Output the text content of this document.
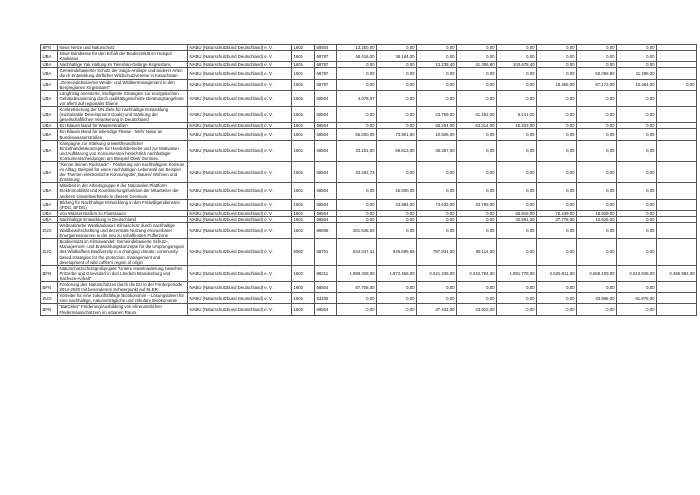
BFN	Neue Netze und Naturschutz	NABU (Naturschutzbund Deutschland) e. V.	1602	68504	13.250,00	0,00	0,00	0,00	0,00	0,00	0,00	0,00	
UBA	Neue Bündnisse für den Erhalt der Biodiversität im Hotspot Kaukasus	NABU (Naturschutzbund Deutschland) e. V.	1601	68787	48.416,00	38.164,00	0,00	0,00	0,00	0,00	0,00	0,00	
UBA	Nachhaltige Yak Haltung im Tienshan-Gebirge Kirgisistans	NABU (Naturschutzbund Deutschland) e. V.	1601	68787	0,00	0,00	13.238,40	41.356,80	100.678,40	0,00	0,00	0,00	
UBA	Gemeindebasierter Schutz der Saiga-Antilope und anderer Arten durch Entwicklung dörflicher Wildschutzvereine in Kasachstan	NABU (Naturschutzbund Deutschland) e. V.	1601	68787	0,00	0,00	0,00	0,00	0,00	0,00	50.096,80	11.285,20	
UBA	„Gemeindebasiertes Weide- und Wildtiermanagement in den Bergregionen Kirgisistans“	NABU (Naturschutzbund Deutschland) e. V.	1601	68787	0,00	0,00	0,00	0,00	0,00	18.466,00	67.172,00	10.464,00	0,00
UBA	Langfristig orientierte, intelligente Strategien zur energetischen Gebäudesanierung durch qualitätsgesicherte Beratungsangebote vor allem auf regionaler Ebene	NABU (Naturschutzbund Deutschland) e. V.	1601	68504	4.078,07	0,00	0,00	0,00	0,00	0,00	0,00	0,00	
UBA	Konkretisierung der UN Ziele für nachhaltige Entwicklung (Sustainable Development Goals) und Stärkung der gesellschaftlichen Verankerung in Deutschland	NABU (Naturschutzbund Deutschland) e. V.	1601	68504	0,00	0,00	23.759,00	41.182,00	6.141,00	0,00	0,00	0,00	
UBA	Ein Blaues Band für Wasserstraßen	NABU (Naturschutzbund Deutschland) e. V.	1601	68504	0,00	0,00	55.254,00	64.214,00	15.203,00	0,00	0,00	0,00	
UBA	Ein Blaues Band für lebendige Flüsse - Mehr Natur an Bundeswasserstraßen	NABU (Naturschutzbund Deutschland) e. V.	1601	68504	55.000,00	73.901,00	10.506,00	0,00	0,00	0,00	0,00	0,00	
UBA	Kampagne zur Stärkung umweltfreundlicher Einzelhandelskonzepte für Handelsbetriebe und zur Motivation und Aufklärung von Konsumenten hinsichtlich nachhaltiger Konsumentscheidungen am Beispiel Obst/ Gemüse.	NABU (Naturschutzbund Deutschland) e. V.	1601	68504	33.101,00	69.813,00	36.367,00	0,00	0,00	0,00	0,00	0,00	
UBA	"Kenne deinen Rucksack" - Förderung von nachhaltigem Konsum im Alltag: Beispiel für einen nachhaltigen Lebensstil am Beispiel der Themen elektronische Konsumgüter, Bauen/ Wohnen und Ernährung	NABU (Naturschutzbund Deutschland) e. V.	1601	68504	33.282,73	0,00	0,00	0,00	0,00	0,00	0,00	0,00	
UBA	Mitarbeit in der Arbeitsgruppe 6 der Nationalen Plattform Elektromobilität und Koordinierungsfunktion der Mitarbeiter der anderen Umweltverbände in diesem Gremium	NABU (Naturschutzbund Deutschland) e. V.	1601	68504	0,00	15.000,00	0,00	0,00	0,00	0,00	0,00	0,00	
UBA	Bildung für Nachhaltige Entwicklung in den Freiwilligendiensten (iFDG, BFDG)	NABU (Naturschutzbund Deutschland) e. V.	1601	68504	0,00	43.884,00	74.632,00	33.789,00	0,00	0,00	0,00	0,00	
UBA	Von Wasserstraßen zu Flusssauen	NABU (Naturschutzbund Deutschland) e. V.	1601	68504	0,00	0,00	0,00	0,00	55.615,00	75.439,00	18.929,00	0,00	
UBA	Nachhaltige Entwicklung in Deutschland	NABU (Naturschutzbund Deutschland) e. V.	1601	68504	0,00	0,00	0,00	0,00	32.591,00	37.778,00	10.626,00	0,00	
ZUG	Weltnaturerbe Westkaukasus Klimaschutz durch nachhaltige Waldbewirtschaftung und dezentrale Nutzung erneuerbarer Energieressourcen in der neu zu schaffenden Pufferzone	NABU (Naturschutzbund Deutschland) e. V.	1602	89605	301.645,20	0,00	0,00	0,00	0,00	0,00	0,00	0,00	
ZUG	Biodiversität im Klimawandel: Gemeindebasierte Schutz-, Management- und Entwicklungskonzepte für die Ursprungsregion des Wildkaffees Biodiversity in a changing climate: community-based strategies for the protection, management and development of wild coffee's region of origin	NABU (Naturschutzbund Deutschland) e. V.	6092	68701	534.347,41	945.699,59	787.834,00	96.114,00	0,00	0,00	0,00	0,00	
BFN	Naturschutzschutzgroßprojekt "Untere Havelniederung zwischen Pritzerbe und Gnevsdorf in den Ländern Brandenburg und Sachsen-Anhalt"	NABU (Naturschutzbund Deutschland) e. V.	1602	88211	1.889.328,00	1.872.466,00	2.621.236,00	2.342.784,00	1.891.778,00	2.625.811,00	2.668.109,00	2.513.845,00	2.495.982,00
BFN	Förderung des Naturschutzes durch die EU in der Förderperiode 2014-2020 mit besonderem Schwerpunkt auf ELER	NABU (Naturschutzbund Deutschland) e. V.	1602	68504	87.708,00	0,00	0,00	0,00	0,00	0,00	0,00	0,00	
ZUG	Vorreiter für eine zukunftsfähige Bioökonomie – Lösungsideen für eine nachhaltige, naturverträgliche und zirkuläre Bioökonomie	NABU (Naturschutzbund Deutschland) e. V.	1601	53205	0,00	0,00	0,00	0,00	0,00	0,00	33.886,00	91.878,00	
BFN	"BatCities" Förderung/Ausbildung von ehrenamtlichen Fledermausschützern im urbanen Raum.	NABU (Naturschutzbund Deutschland) e. V.	1602	68504	0,00	0,00	37.432,00	43.923,00	0,00	0,00	0,00	0,00	
